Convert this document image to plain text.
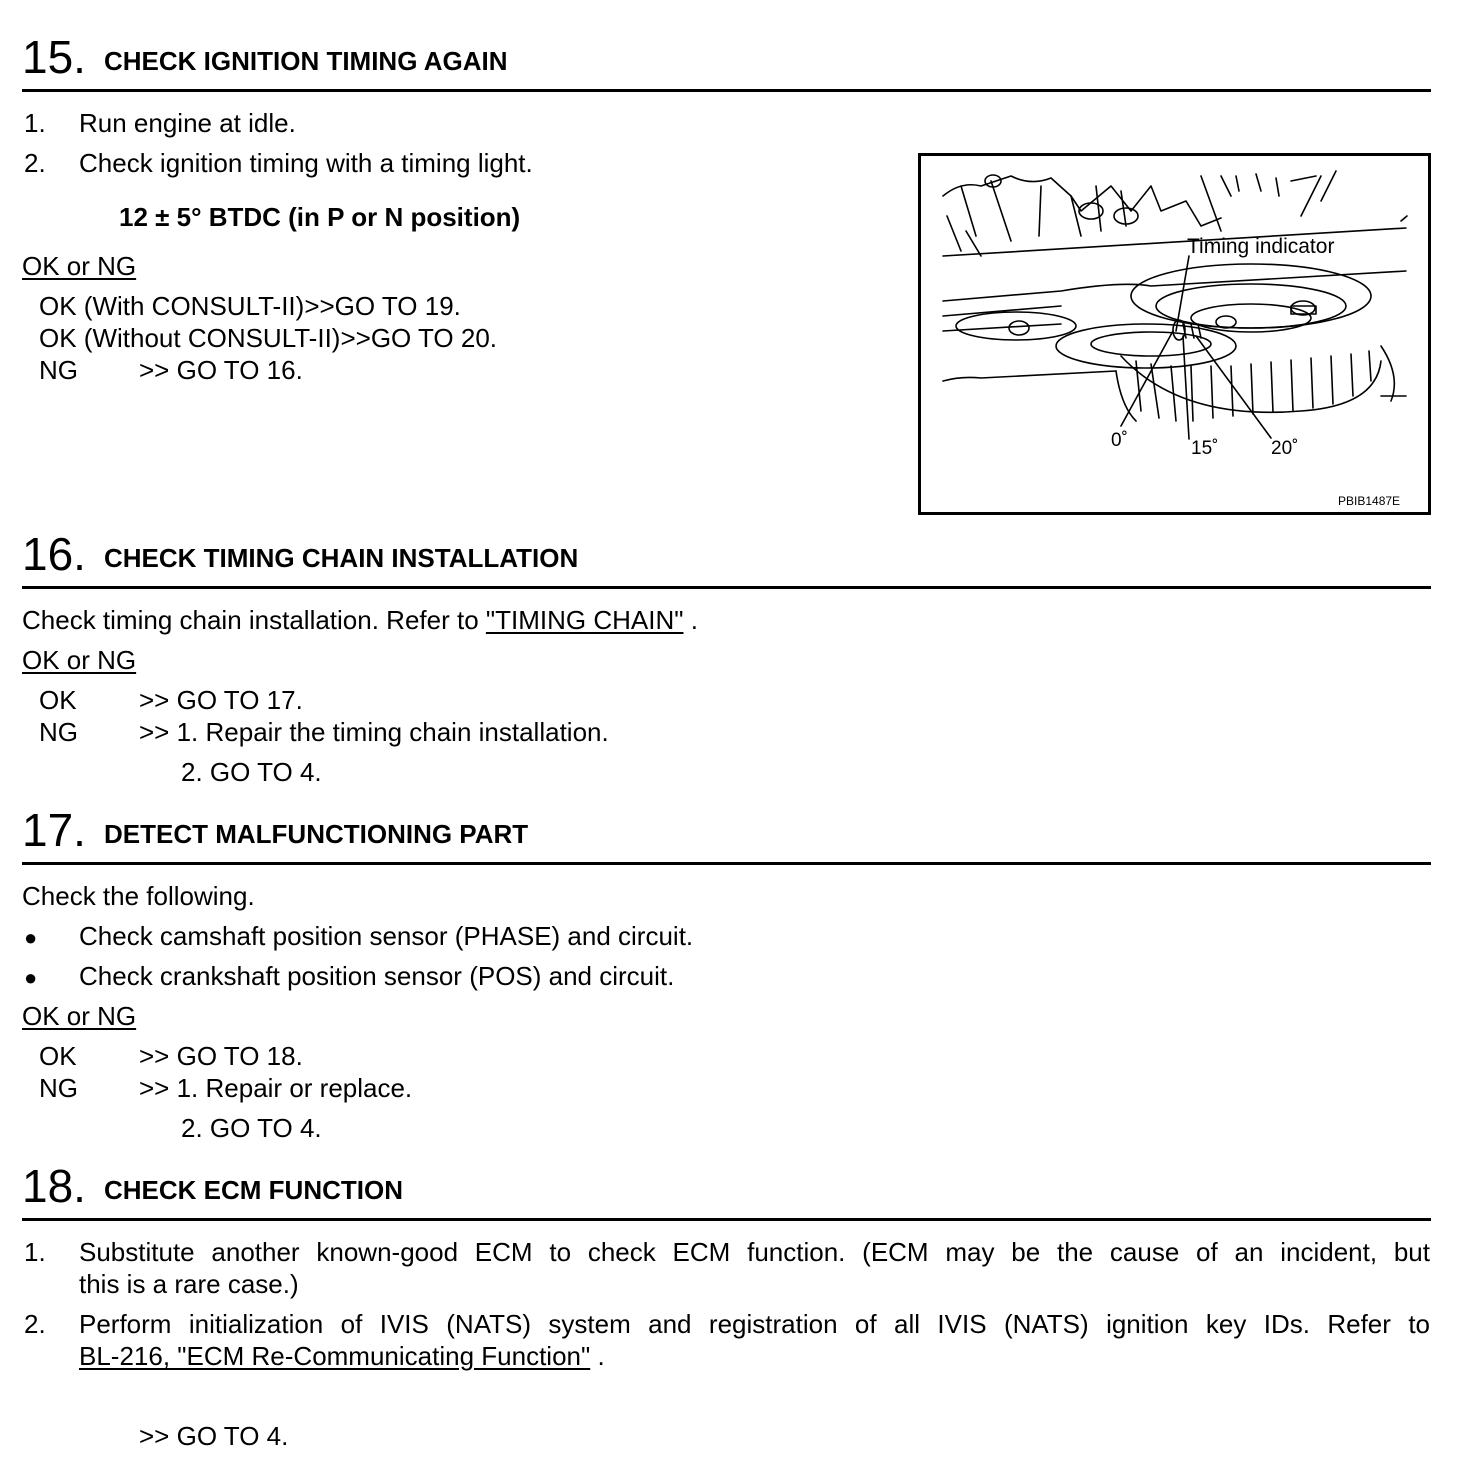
15. CHECK IGNITION TIMING AGAIN
1. Run engine at idle.
2. Check ignition timing with a timing light.
12 ± 5° BTDC (in P or N position)
OK or NG
OK (With CONSULT-II)>>GO TO 19.
OK (Without CONSULT-II)>>GO TO 20.
NG >> GO TO 16.
Timing indicator
0˚	15˚	20˚
PBIB1487E
16. CHECK TIMING CHAIN INSTALLATION
Check timing chain installation. Refer to "TIMING CHAIN" .
OK or NG
OK >> GO TO 17.
NG >> 1. Repair the timing chain installation.
2. GO TO 4.
17. DETECT MALFUNCTIONING PART
Check the following.
● Check camshaft position sensor (PHASE) and circuit.
● Check crankshaft position sensor (POS) and circuit.
OK or NG
OK >> GO TO 18.
NG >> 1. Repair or replace.
2. GO TO 4.
18. CHECK ECM FUNCTION
1. Substitute another known-good ECM to check ECM function. (ECM may be the cause of an incident, but
this is a rare case.)
2. Perform initialization of IVIS (NATS) system and registration of all IVIS (NATS) ignition key IDs. Refer to
BL-216, "ECM Re-Communicating Function" .
>> GO TO 4.
